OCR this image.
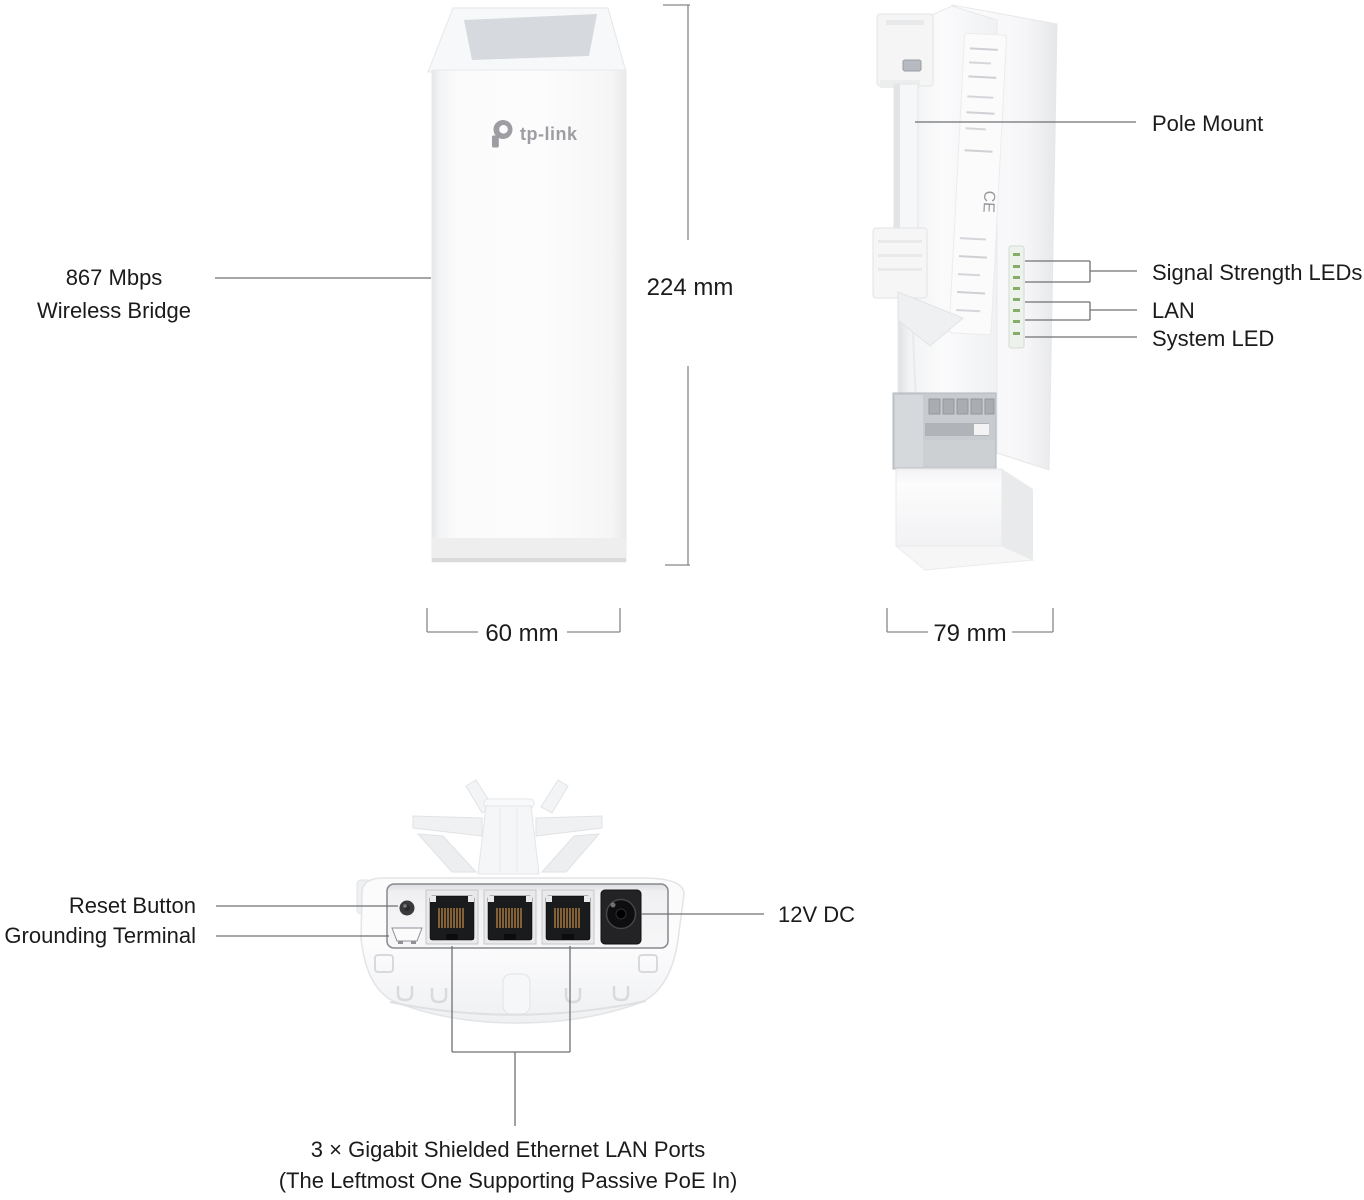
CE
tp-link
867 Mbps
Wireless Bridge
224 mm
60 mm	79 mm
Pole Mount
Signal Strength LEDs
LAN
System LED
Reset Button
Grounding Terminal
12V DC
3 × Gigabit Shielded Ethernet LAN Ports
(The Leftmost One Supporting Passive PoE In)
